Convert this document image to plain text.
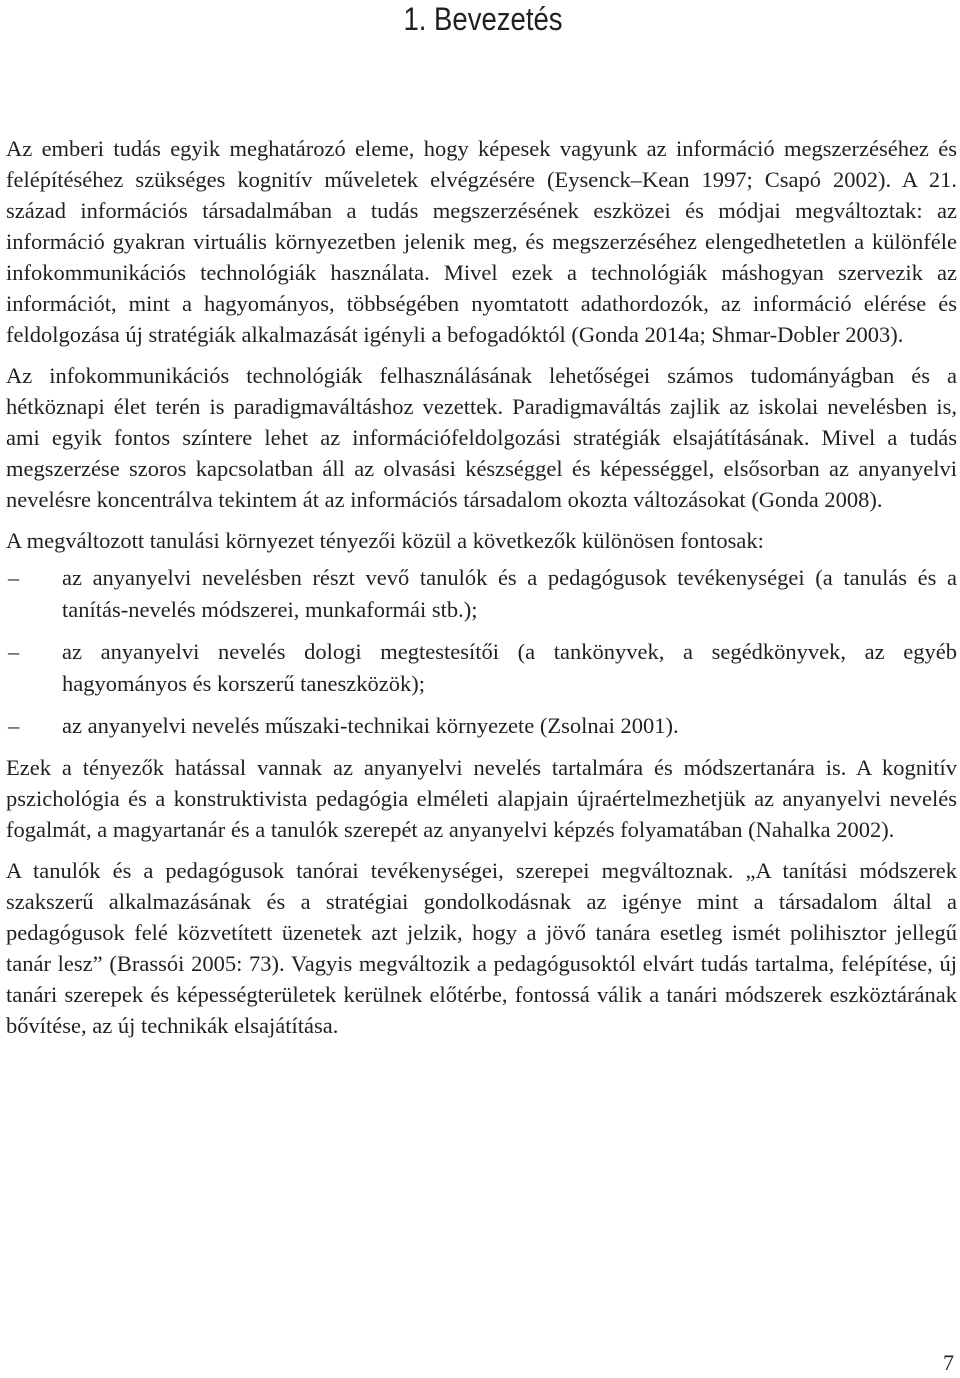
1. Bevezetés

Az emberi tudás egyik meghatározó eleme, hogy képesek vagyunk az információ megszerzéséhez és felépítéséhez szükséges kognitív műveletek elvégzésére (Eysenck–Kean 1997; Csapó 2002). A 21. század információs társadalmában a tudás megszerzésének eszközei és módjai megváltoztak: az információ gyakran virtuális környezetben jelenik meg, és megszerzéséhez elengedhetetlen a különféle infokommunikációs technológiák használata. Mivel ezek a technológiák máshogyan szervezik az információt, mint a hagyományos, többségében nyomtatott adathordozók, az információ elérése és feldolgozása új stratégiák alkalmazását igényli a befogadóktól (Gonda 2014a; Shmar-Dobler 2003).

Az infokommunikációs technológiák felhasználásának lehetőségei számos tudományágban és a hétköznapi élet terén is paradigmaváltáshoz vezettek. Paradigmaváltás zajlik az iskolai nevelésben is, ami egyik fontos színtere lehet az információfeldolgozási stratégiák elsajátításának. Mivel a tudás megszerzése szoros kapcsolatban áll az olvasási készséggel és képességgel, elsősorban az anyanyelvi nevelésre koncentrálva tekintem át az információs társadalom okozta változásokat (Gonda 2008).

A megváltozott tanulási környezet tényezői közül a következők különösen fontosak:

–	az anyanyelvi nevelésben részt vevő tanulók és a pedagógusok tevékenységei (a tanulás és a tanítás-nevelés módszerei, munkaformái stb.);
–	az anyanyelvi nevelés dologi megtestesítői (a tankönyvek, a segédkönyvek, az egyéb hagyományos és korszerű taneszközök);
–	az anyanyelvi nevelés műszaki-technikai környezete (Zsolnai 2001).

Ezek a tényezők hatással vannak az anyanyelvi nevelés tartalmára és módszertanára is. A kognitív pszichológia és a konstruktivista pedagógia elméleti alapjain újraértelmezhetjük az anyanyelvi nevelés fogalmát, a magyartanár és a tanulók szerepét az anyanyelvi képzés folyamatában (Nahalka 2002).

A tanulók és a pedagógusok tanórai tevékenységei, szerepei megváltoznak. „A tanítási módszerek szakszerű alkalmazásának és a stratégiai gondolkodásnak az igénye mint a társadalom által a pedagógusok felé közvetített üzenetek azt jelzik, hogy a jövő tanára esetleg ismét polihisztor jellegű tanár lesz” (Brassói 2005: 73). Vagyis megváltozik a pedagógusoktól elvárt tudás tartalma, felépítése, új tanári szerepek és képességterületek kerülnek előtérbe, fontossá válik a tanári módszerek eszköztárának bővítése, az új technikák elsajátítása.

7
